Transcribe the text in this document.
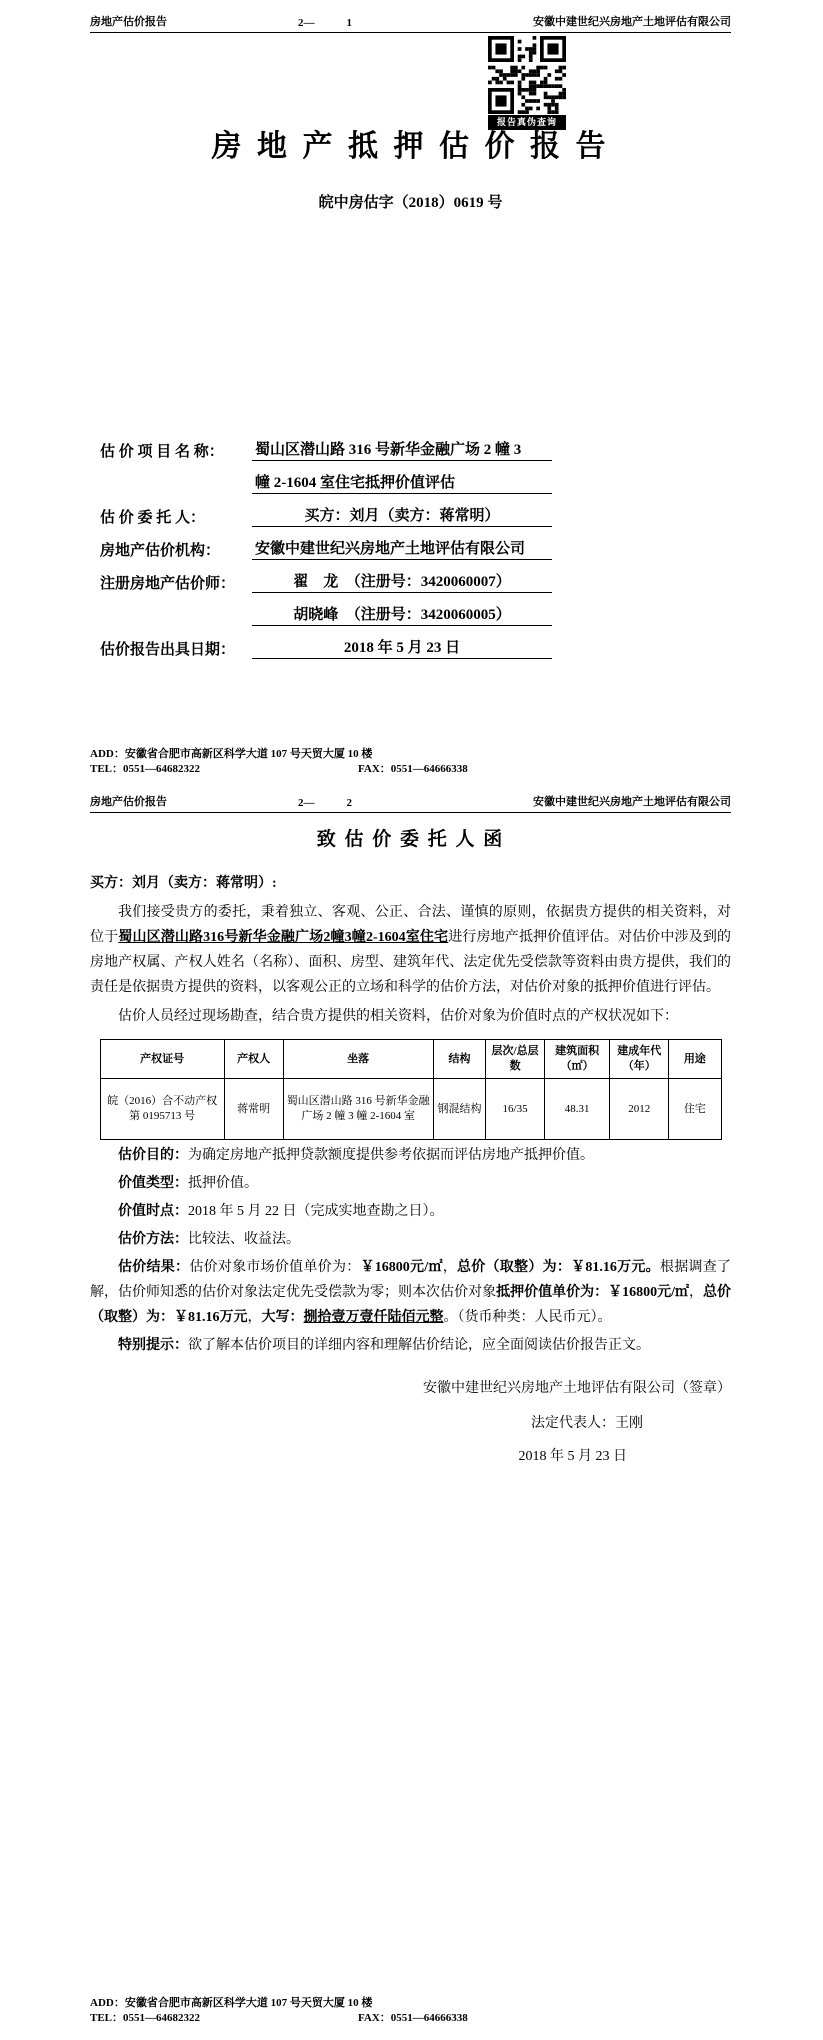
房地产估价报告	2—	1	安徽中建世纪兴房地产土地评估有限公司
房 地 产 抵 押 估 价 报 告
皖中房估字（2018）0619 号
估 价 项 目 名 称：	蜀山区潜山路 316 号新华金融广场 2 幢 3
幢 2-1604 室住宅抵押价值评估
估 价 委 托 人：	买方：刘月（卖方：蒋常明）
房地产估价机构：	安徽中建世纪兴房地产土地评估有限公司
注册房地产估价师：	翟　龙　（注册号：3420060007）
胡晓峰　（注册号：3420060005）
估价报告出具日期：	2018 年 5 月 23 日
ADD：安徽省合肥市高新区科学大道 107 号天贸大厦 10 楼
TEL：0551—64682322	FAX：0551—64666338
报告真伪查询
房地产估价报告	2—	2	安徽中建世纪兴房地产土地评估有限公司
致 估 价 委 托 人 函
买方：刘月（卖方：蒋常明）:

我们接受贵方的委托，秉着独立、客观、公正、合法、谨慎的原则，依据贵方提供的相关资料，对位于蜀山区潜山路316号新华金融广场2幢3幢2-1604室住宅进行房地产抵押价值评估。对估价中涉及到的房地产权属、产权人姓名（名称）、面积、房型、建筑年代、法定优先受偿款等资料由贵方提供，我们的责任是依据贵方提供的资料，以客观公正的立场和科学的估价方法，对估价对象的抵押价值进行评估。

估价人员经过现场勘查，结合贵方提供的相关资料，估价对象为价值时点的产权状况如下：

产权证号	产权人	坐落	结构	层次/总层数	建筑面积（㎡）	建成年代（年）	用途
皖（2016）合不动产权第 0195713 号	蒋常明	蜀山区潜山路 316 号新华金融广场 2 幢 3 幢 2-1604 室	钢混结构	16/35	48.31	2012	住宅

估价目的：为确定房地产抵押贷款额度提供参考依据而评估房地产抵押价值。

价值类型：抵押价值。

价值时点：2018 年 5 月 22 日（完成实地查勘之日）。

估价方法：比较法、收益法。

估价结果：估价对象市场价值单价为：￥16800元/㎡，总价（取整）为：￥81.16万元。根据调查了解，估价师知悉的估价对象法定优先受偿款为零；则本次估价对象抵押价值单价为：￥16800元/㎡，总价（取整）为：￥81.16万元，大写：捌拾壹万壹仟陆佰元整。（货币种类：人民币元）。

特别提示：欲了解本估价项目的详细内容和理解估价结论，应全面阅读估价报告正文。

安徽中建世纪兴房地产土地评估有限公司（签章）
法定代表人：王刚
2018 年 5 月 23 日
ADD：安徽省合肥市高新区科学大道 107 号天贸大厦 10 楼
TEL：0551—64682322	FAX：0551—64666338
